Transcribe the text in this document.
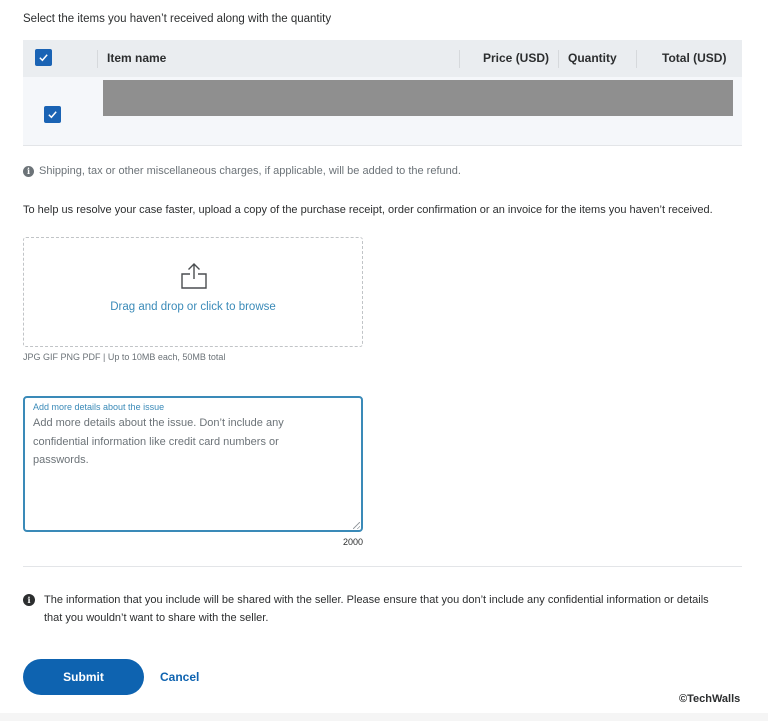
Select the items you haven’t received along with the quantity
Item name	Price (USD) Quantity	Total (USD)
i Shipping, tax or other miscellaneous charges, if applicable, will be added to the refund.
To help us resolve your case faster, upload a copy of the purchase receipt, order confirmation or an invoice for the items you haven’t received.
Drag and drop or click to browse
JPG GIF PNG PDF | Up to 10MB each, 50MB total
Add more details about the issue
Add more details about the issue. Don’t include any confidential information like credit card numbers or passwords.
2000
i	The information that you include will be shared with the seller. Please ensure that you don’t include any confidential information or details that you wouldn’t want to share with the seller.
Submit	Cancel
©TechWalls
